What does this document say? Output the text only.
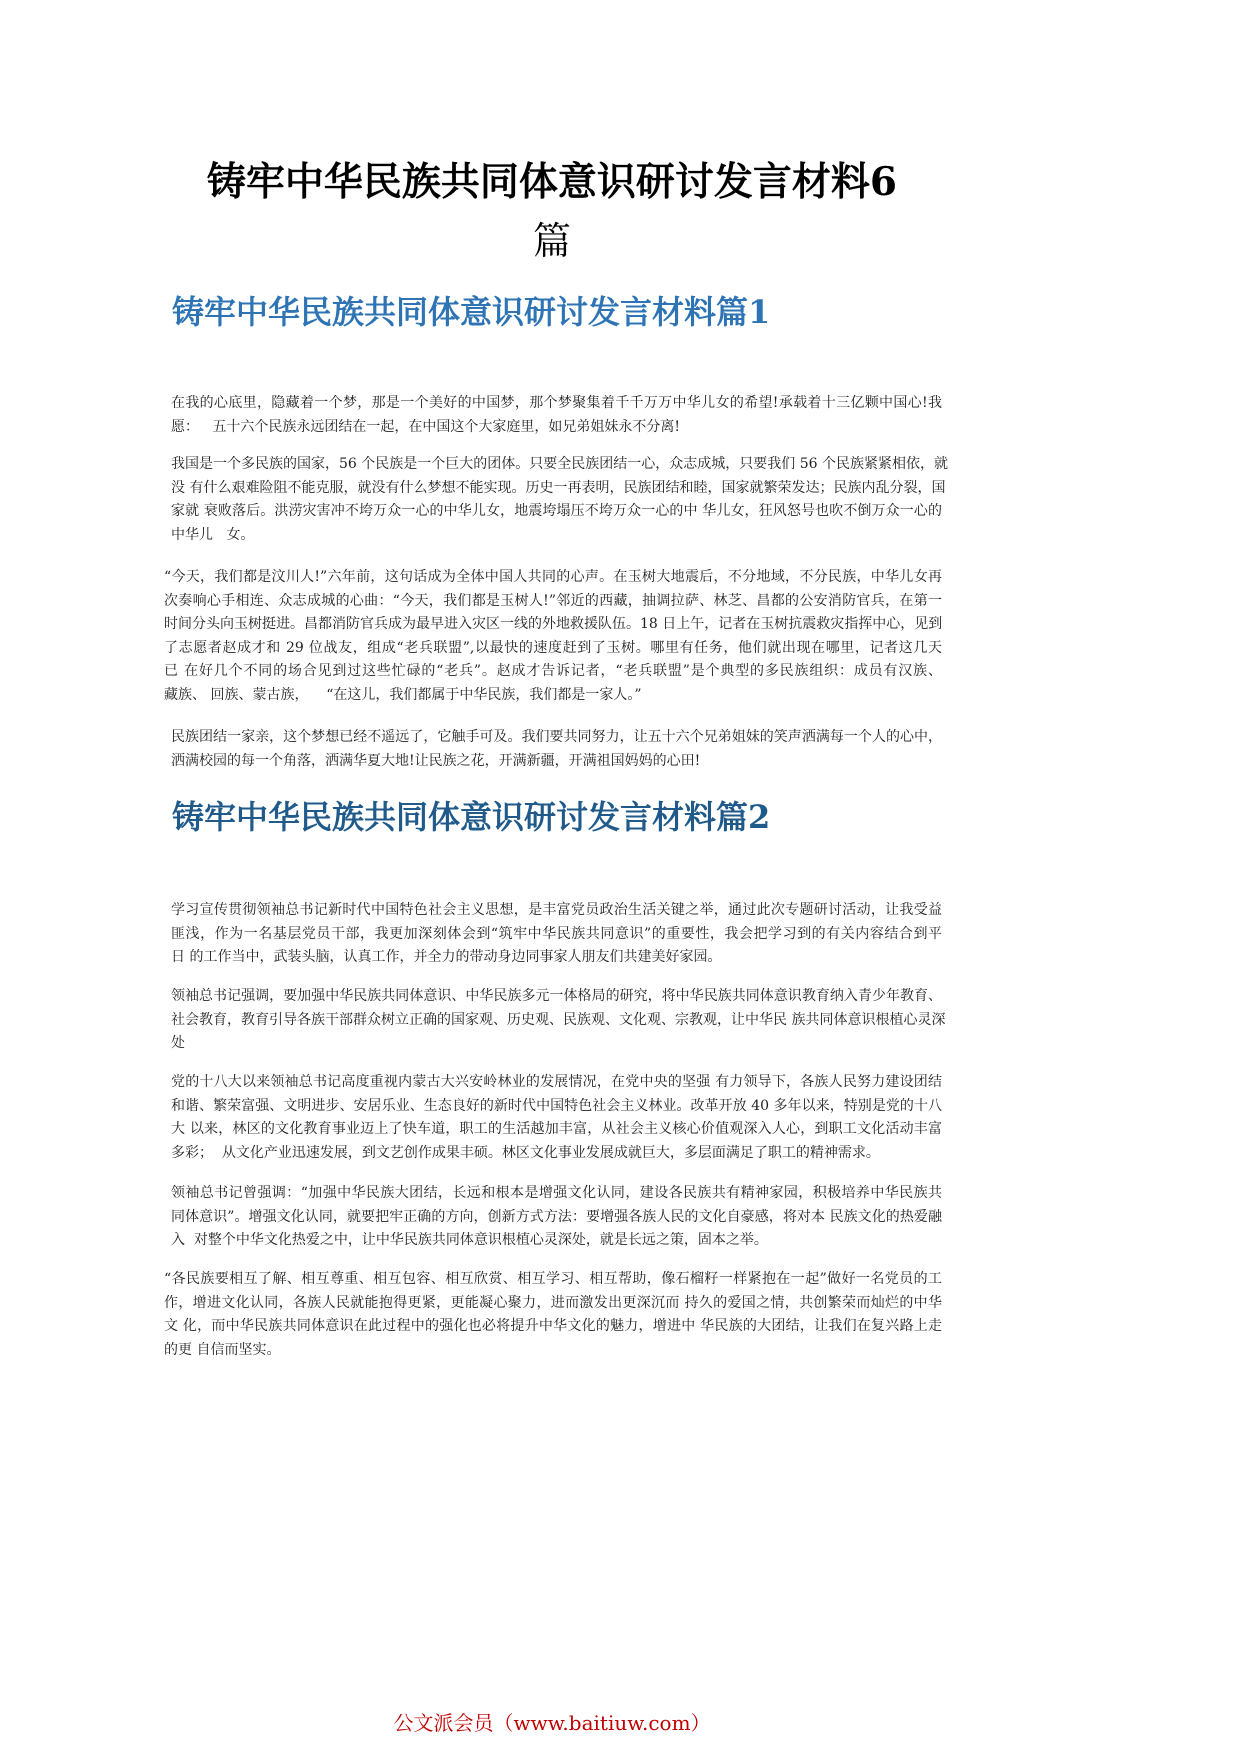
铸牢中华民族共同体意识研讨发言材料6
篇
铸牢中华民族共同体意识研讨发言材料篇1
在我的心底里，隐藏着一个梦，那是一个美好的中国梦，那个梦聚集着千千万万中华儿女的希望!承载着十三亿颗中国心!我
愿：   五十六个民族永远团结在一起，在中国这个大家庭里，如兄弟姐妹永不分离!
我国是一个多民族的国家，56 个民族是一个巨大的团体。只要全民族团结一心，众志成城，只要我们 56 个民族紧紧相依，就
没 有什么艰难险阻不能克服，就没有什么梦想不能实现。历史一再表明，民族团结和睦，国家就繁荣发达；民族内乱分裂，国
家就 衰败落后。洪涝灾害冲不垮万众一心的中华儿女，地震垮塌压不垮万众一心的中 华儿女，狂风怒号也吹不倒万众一心的
中华儿   女。
“今天，我们都是汶川人!”六年前，这句话成为全体中国人共同的心声。在玉树大地震后，不分地域，不分民族，中华儿女再
次奏响心手相连、众志成城的心曲：“今天，我们都是玉树人!”邻近的西藏，抽调拉萨、林芝、昌都的公安消防官兵，在第一
时间分头向玉树挺进。昌都消防官兵成为最早进入灾区一线的外地救援队伍。18 日上午，记者在玉树抗震救灾指挥中心，见到
了志愿者赵成才和 29 位战友，组成“老兵联盟”,以最快的速度赶到了玉树。哪里有任务，他们就出现在哪里，记者这几天
已 在好几个不同的场合见到过这些忙碌的“老兵”。赵成才告诉记者，“老兵联盟”是个典型的多民族组织：成员有汉族、
藏族、 回族、蒙古族，    “在这儿，我们都属于中华民族，我们都是一家人。”
民族团结一家亲，这个梦想已经不遥远了，它触手可及。我们要共同努力，让五十六个兄弟姐妹的笑声洒满每一个人的心中，
洒满校园的每一个角落，洒满华夏大地!让民族之花，开满新疆，开满祖国妈妈的心田!
铸牢中华民族共同体意识研讨发言材料篇2
学习宣传贯彻领袖总书记新时代中国特色社会主义思想，是丰富党员政治生活关键之举，通过此次专题研讨活动，让我受益
匪浅，作为一名基层党员干部，我更加深刻体会到“筑牢中华民族共同意识”的重要性，我会把学习到的有关内容结合到平
日 的工作当中，武装头脑，认真工作，并全力的带动身边同事家人朋友们共建美好家园。
领袖总书记强调，要加强中华民族共同体意识、中华民族多元一体格局的研究，将中华民族共同体意识教育纳入青少年教育、
社会教育，教育引导各族干部群众树立正确的国家观、历史观、民族观、文化观、宗教观，让中华民 族共同体意识根植心灵深
处
党的十八大以来领袖总书记高度重视内蒙古大兴安岭林业的发展情况，在党中央的坚强 有力领导下，各族人民努力建设团结
和谐、繁荣富强、文明进步、安居乐业、生态良好的新时代中国特色社会主义林业。改革开放 40 多年以来，特别是党的十八
大 以来，林区的文化教育事业迈上了快车道，职工的生活越加丰富，从社会主义核心价值观深入人心，到职工文化活动丰富
多彩；  从文化产业迅速发展，到文艺创作成果丰硕。林区文化事业发展成就巨大，多层面满足了职工的精神需求。
领袖总书记曾强调：“加强中华民族大团结，长远和根本是增强文化认同，建设各民族共有精神家园，积极培养中华民族共
同体意识”。增强文化认同，就要把牢正确的方向，创新方式方法：要增强各族人民的文化自豪感，将对本 民族文化的热爱融
入  对整个中华文化热爱之中，让中华民族共同体意识根植心灵深处，就是长远之策，固本之举。
“各民族要相互了解、相互尊重、相互包容、相互欣赏、相互学习、相互帮助，像石榴籽一样紧抱在一起”做好一名党员的工
作，增进文化认同，各族人民就能抱得更紧，更能凝心聚力，进而激发出更深沉而 持久的爱国之情，共创繁荣而灿烂的中华
文 化，而中华民族共同体意识在此过程中的强化也必将提升中华文化的魅力，增进中 华民族的大团结，让我们在复兴路上走
的更 自信而坚实。
公文派会员（www.baitiuw.com）
